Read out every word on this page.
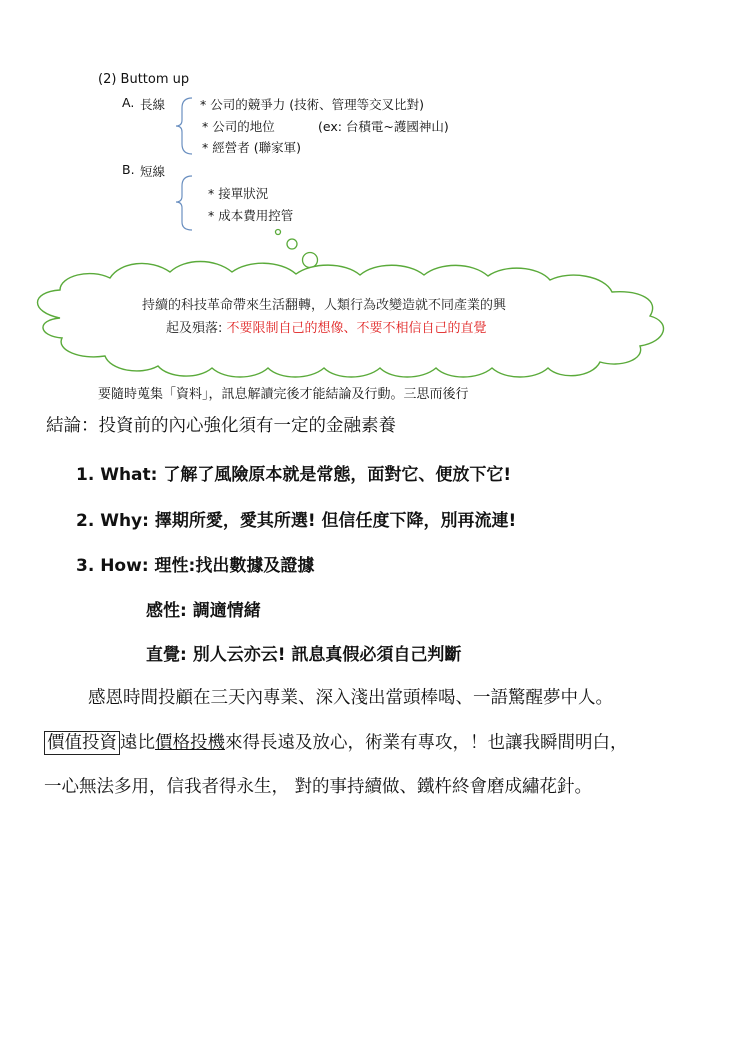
(2) Buttom up
A. 長線	* 公司的競爭力 (技術、管理等交叉比對)
* 公司的地位	(ex: 台積電~護國神山)
* 經營者 (聯家軍)
B. 短線
* 接單狀況
* 成本費用控管
持續的科技革命帶來生活翻轉，人類行為改變造就不同產業的興
起及殞落: 不要限制自己的想像、不要不相信自己的直覺
要隨時蒐集「資料」，訊息解讀完後才能結論及行動。三思而後行
結論：投資前的內心強化須有一定的金融素養
1. What: 了解了風險原本就是常態，面對它、便放下它!
2. Why: 擇期所愛，愛其所選! 但信任度下降，別再流連!
3. How: 理性:找出數據及證據
感性: 調適情緒
直覺: 別人云亦云! 訊息真假必須自己判斷
感恩時間投顧在三天內專業、深入淺出當頭棒喝、一語驚醒夢中人。
價值投資 遠比價格投機來得長遠及放心，術業有專攻，！也讓我瞬間明白，
一心無法多用，信我者得永生， 對的事持續做、鐵杵終會磨成繡花針。
